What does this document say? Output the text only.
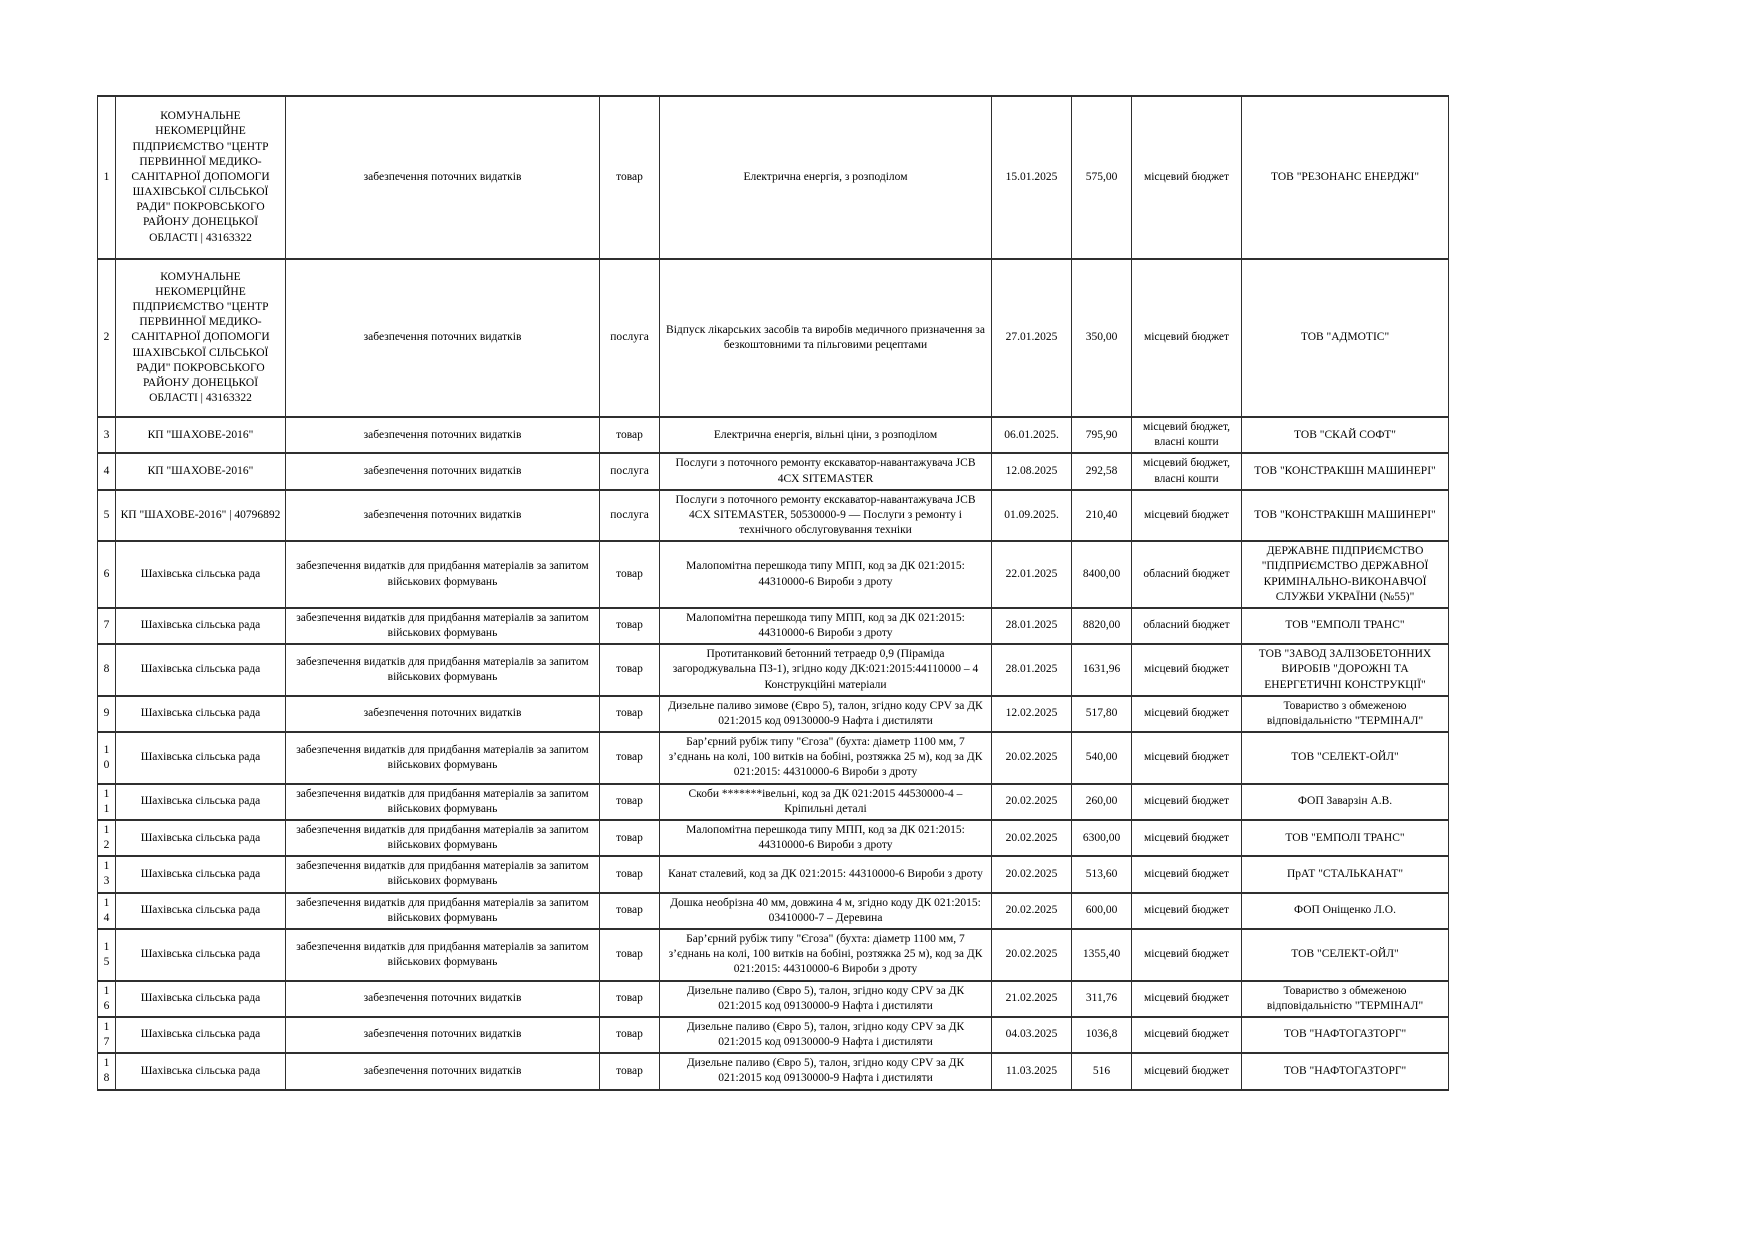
1	КОМУНАЛЬНЕ НЕКОМЕРЦІЙНЕ ПІДПРИЄМСТВО "ЦЕНТР ПЕРВИННОЇ МЕДИКО-САНІТАРНОЇ ДОПОМОГИ ШАХІВСЬКОЇ СІЛЬСЬКОЇ РАДИ" ПОКРОВСЬКОГО РАЙОНУ ДОНЕЦЬКОЇ ОБЛАСТІ | 43163322	забезпечення поточних видатків	товар	Електрична енергія, з розподілом	15.01.2025	575,00	місцевий бюджет	ТОВ "РЕЗОНАНС ЕНЕРДЖІ"
2	КОМУНАЛЬНЕ НЕКОМЕРЦІЙНЕ ПІДПРИЄМСТВО "ЦЕНТР ПЕРВИННОЇ МЕДИКО-САНІТАРНОЇ ДОПОМОГИ ШАХІВСЬКОЇ СІЛЬСЬКОЇ РАДИ" ПОКРОВСЬКОГО РАЙОНУ ДОНЕЦЬКОЇ ОБЛАСТІ | 43163322	забезпечення поточних видатків	послуга	Відпуск лікарських засобів та виробів медичного призначення за безкоштовними та пільговими рецептами	27.01.2025	350,00	місцевий бюджет	ТОВ "АДМОТІС"
3	КП "ШАХОВЕ-2016"	забезпечення поточних видатків	товар	Електрична енергія, вільні ціни, з розподілом	06.01.2025.	795,90	місцевий бюджет, власні кошти	ТОВ "СКАЙ СОФТ"
4	КП "ШАХОВЕ-2016"	забезпечення поточних видатків	послуга	Послуги з поточного ремонту екскаватор-навантажувача JCB 4CX SITEMASTER	12.08.2025	292,58	місцевий бюджет, власні кошти	ТОВ "КОНСТРАКШН МАШИНЕРІ"
5	КП "ШАХОВЕ-2016" | 40796892	забезпечення поточних видатків	послуга	Послуги з поточного ремонту екскаватор-навантажувача JCB 4CX SITEMASTER, 50530000-9 — Послуги з ремонту і технічного обслуговування техніки	01.09.2025.	210,40	місцевий бюджет	ТОВ "КОНСТРАКШН МАШИНЕРІ"
6	Шахівська сільська рада	забезпечення видатків для придбання матеріалів за запитом військових формувань	товар	Малопомітна перешкода типу МПП, код за ДК 021:2015: 44310000-6 Вироби з дроту	22.01.2025	8400,00	обласний бюджет	ДЕРЖАВНЕ ПІДПРИЄМСТВО "ПІДПРИЄМСТВО ДЕРЖАВНОЇ КРИМІНАЛЬНО-ВИКОНАВЧОЇ СЛУЖБИ УКРАЇНИ (№55)"
7	Шахівська сільська рада	забезпечення видатків для придбання матеріалів за запитом військових формувань	товар	Малопомітна перешкода типу МПП, код за ДК 021:2015: 44310000-6 Вироби з дроту	28.01.2025	8820,00	обласний бюджет	ТОВ "ЕМПОЛІ ТРАНС"
8	Шахівська сільська рада	забезпечення видатків для придбання матеріалів за запитом військових формувань	товар	Протитанковий бетонний тетраедр 0,9 (Піраміда загороджувальна ПЗ-1), згідно коду ДК:021:2015:44110000 – 4 Конструкційні матеріали	28.01.2025	1631,96	місцевий бюджет	ТОВ "ЗАВОД ЗАЛІЗОБЕТОННИХ ВИРОБІВ "ДОРОЖНІ ТА ЕНЕРГЕТИЧНІ КОНСТРУКЦІЇ"
9	Шахівська сільська рада	забезпечення поточних видатків	товар	Дизельне паливо зимове (Євро 5), талон, згідно коду CPV за ДК 021:2015 код 09130000-9 Нафта і дистиляти	12.02.2025	517,80	місцевий бюджет	Товариство з обмеженою відповідальністю "ТЕРМІНАЛ"
10	Шахівська сільська рада	забезпечення видатків для придбання матеріалів за запитом військових формувань	товар	Бар’єрний рубіж типу "Єгоза" (бухта: діаметр 1100 мм, 7 з’єднань на колі, 100 витків на бобіні, розтяжка 25 м), код за ДК 021:2015: 44310000-6 Вироби з дроту	20.02.2025	540,00	місцевий бюджет	ТОВ "СЕЛЕКТ-ОЙЛ"
11	Шахівська сільська рада	забезпечення видатків для придбання матеріалів за запитом військових формувань	товар	Скоби *******івельні, код за ДК 021:2015 44530000-4 – Кріпильні деталі	20.02.2025	260,00	місцевий бюджет	ФОП Заварзін А.В.
12	Шахівська сільська рада	забезпечення видатків для придбання матеріалів за запитом військових формувань	товар	Малопомітна перешкода типу МПП, код за ДК 021:2015: 44310000-6 Вироби з дроту	20.02.2025	6300,00	місцевий бюджет	ТОВ "ЕМПОЛІ ТРАНС"
13	Шахівська сільська рада	забезпечення видатків для придбання матеріалів за запитом військових формувань	товар	Канат сталевий, код за ДК 021:2015: 44310000-6 Вироби з дроту	20.02.2025	513,60	місцевий бюджет	ПрАТ "СТАЛЬКАНАТ"
14	Шахівська сільська рада	забезпечення видатків для придбання матеріалів за запитом військових формувань	товар	Дошка необрізна 40 мм, довжина 4 м, згідно коду ДК 021:2015: 03410000-7 – Деревина	20.02.2025	600,00	місцевий бюджет	ФОП Оніщенко Л.О.
15	Шахівська сільська рада	забезпечення видатків для придбання матеріалів за запитом військових формувань	товар	Бар’єрний рубіж типу "Єгоза" (бухта: діаметр 1100 мм, 7 з’єднань на колі, 100 витків на бобіні, розтяжка 25 м), код за ДК 021:2015: 44310000-6 Вироби з дроту	20.02.2025	1355,40	місцевий бюджет	ТОВ "СЕЛЕКТ-ОЙЛ"
16	Шахівська сільська рада	забезпечення поточних видатків	товар	Дизельне паливо (Євро 5), талон, згідно коду CPV за ДК 021:2015 код 09130000-9 Нафта і дистиляти	21.02.2025	311,76	місцевий бюджет	Товариство з обмеженою відповідальністю "ТЕРМІНАЛ"
17	Шахівська сільська рада	забезпечення поточних видатків	товар	Дизельне паливо (Євро 5), талон, згідно коду CPV за ДК 021:2015 код 09130000-9 Нафта і дистиляти	04.03.2025	1036,8	місцевий бюджет	ТОВ "НАФТОГАЗТОРГ"
18	Шахівська сільська рада	забезпечення поточних видатків	товар	Дизельне паливо (Євро 5), талон, згідно коду CPV за ДК 021:2015 код 09130000-9 Нафта і дистиляти	11.03.2025	516	місцевий бюджет	ТОВ "НАФТОГАЗТОРГ"
